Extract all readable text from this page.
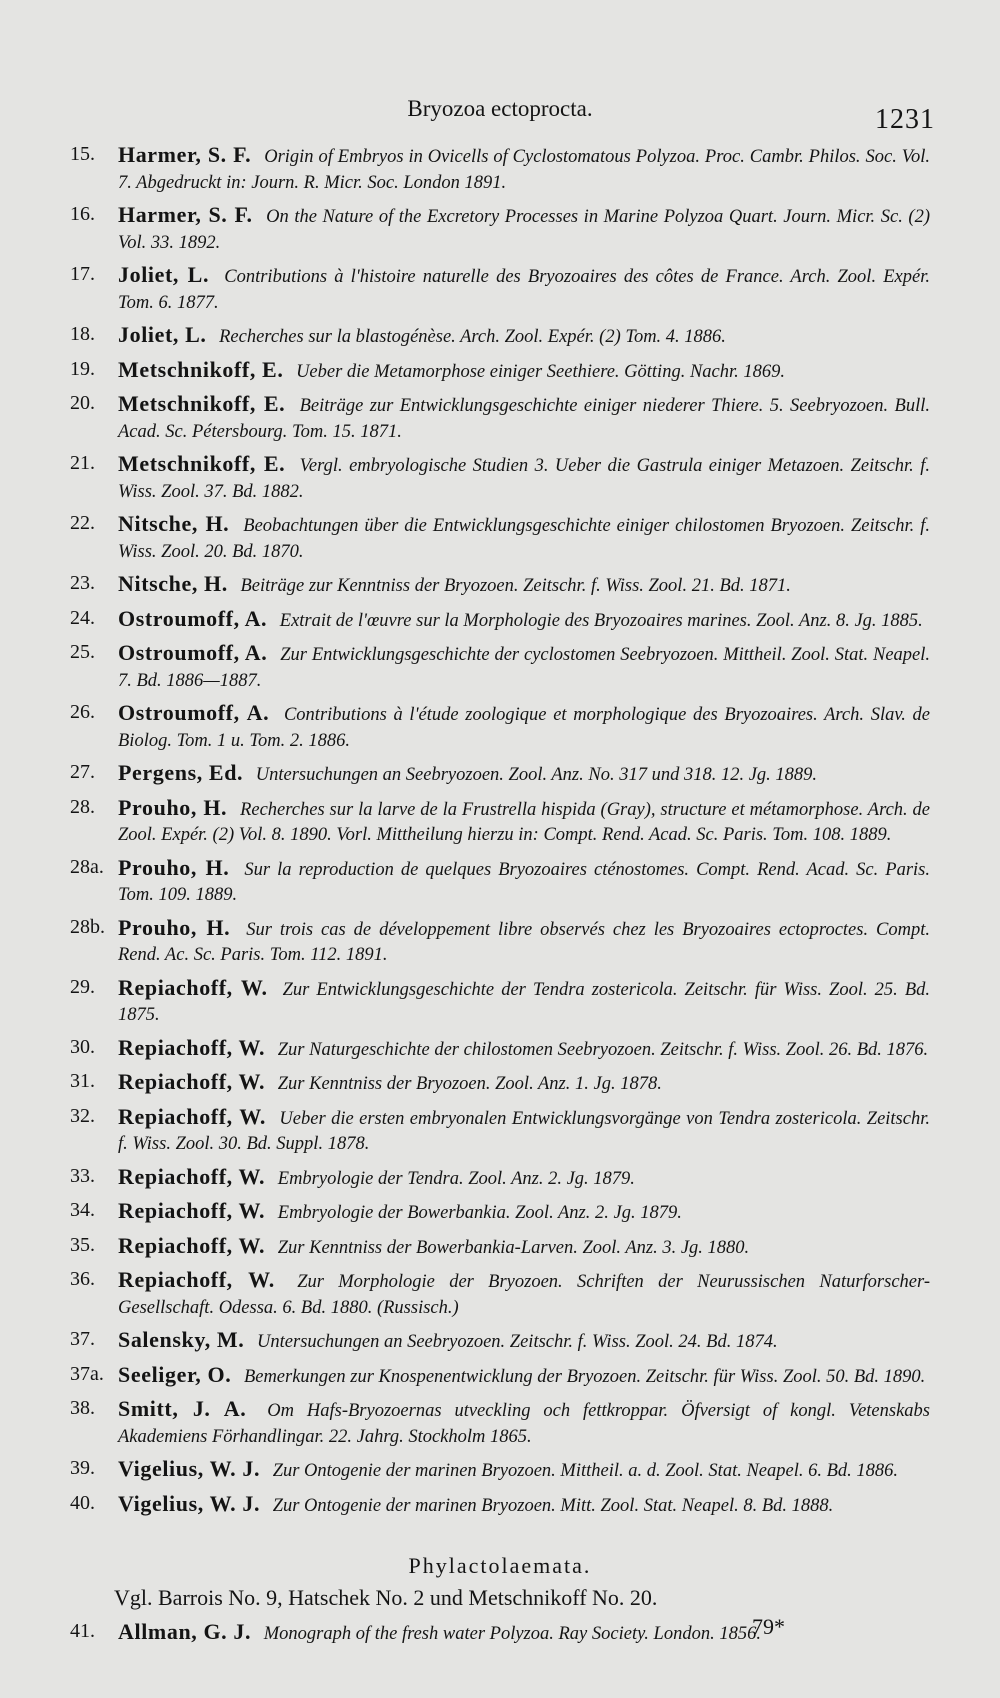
Bryozoa ectoprocta.	1231
15. Harmer, S. F. Origin of Embryos in Ovicells of Cyclostomatous Polyzoa. Proc. Cambr. Philos. Soc. Vol. 7. Abgedruckt in: Journ. R. Micr. Soc. London 1891.
16. Harmer, S. F. On the Nature of the Excretory Processes in Marine Polyzoa Quart. Journ. Micr. Sc. (2) Vol. 33. 1892.
17. Joliet, L. Contributions à l'histoire naturelle des Bryozoaires des côtes de France. Arch. Zool. Expér. Tom. 6. 1877.
18. Joliet, L. Recherches sur la blastogénèse. Arch. Zool. Expér. (2) Tom. 4. 1886.
19. Metschnikoff, E. Ueber die Metamorphose einiger Seethiere. Götting. Nachr. 1869.
20. Metschnikoff, E. Beiträge zur Entwicklungsgeschichte einiger niederer Thiere. 5. Seebryozoen. Bull. Acad. Sc. Pétersbourg. Tom. 15. 1871.
21. Metschnikoff, E. Vergl. embryologische Studien 3. Ueber die Gastrula einiger Metazoen. Zeitschr. f. Wiss. Zool. 37. Bd. 1882.
22. Nitsche, H. Beobachtungen über die Entwicklungsgeschichte einiger chilostomen Bryozoen. Zeitschr. f. Wiss. Zool. 20. Bd. 1870.
23. Nitsche, H. Beiträge zur Kenntniss der Bryozoen. Zeitschr. f. Wiss. Zool. 21. Bd. 1871.
24. Ostroumoff, A. Extrait de l'œuvre sur la Morphologie des Bryozoaires marines. Zool. Anz. 8. Jg. 1885.
25. Ostroumoff, A. Zur Entwicklungsgeschichte der cyclostomen Seebryozoen. Mittheil. Zool. Stat. Neapel. 7. Bd. 1886—1887.
26. Ostroumoff, A. Contributions à l'étude zoologique et morphologique des Bryozoaires. Arch. Slav. de Biolog. Tom. 1 u. Tom. 2. 1886.
27. Pergens, Ed. Untersuchungen an Seebryozoen. Zool. Anz. No. 317 und 318. 12. Jg. 1889.
28. Prouho, H. Recherches sur la larve de la Frustrella hispida (Gray), structure et métamorphose. Arch. de Zool. Expér. (2) Vol. 8. 1890. Vorl. Mittheilung hierzu in: Compt. Rend. Acad. Sc. Paris. Tom. 108. 1889.
28a. Prouho, H. Sur la reproduction de quelques Bryozoaires cténostomes. Compt. Rend. Acad. Sc. Paris. Tom. 109. 1889.
28b. Prouho, H. Sur trois cas de développement libre observés chez les Bryozoaires ectoproctes. Compt. Rend. Ac. Sc. Paris. Tom. 112. 1891.
29. Repiachoff, W. Zur Entwicklungsgeschichte der Tendra zostericola. Zeitschr. für Wiss. Zool. 25. Bd. 1875.
30. Repiachoff, W. Zur Naturgeschichte der chilostomen Seebryozoen. Zeitschr. f. Wiss. Zool. 26. Bd. 1876.
31. Repiachoff, W. Zur Kenntniss der Bryozoen. Zool. Anz. 1. Jg. 1878.
32. Repiachoff, W. Ueber die ersten embryonalen Entwicklungsvorgänge von Tendra zostericola. Zeitschr. f. Wiss. Zool. 30. Bd. Suppl. 1878.
33. Repiachoff, W. Embryologie der Tendra. Zool. Anz. 2. Jg. 1879.
34. Repiachoff, W. Embryologie der Bowerbankia. Zool. Anz. 2. Jg. 1879.
35. Repiachoff, W. Zur Kenntniss der Bowerbankia-Larven. Zool. Anz. 3. Jg. 1880.
36. Repiachoff, W. Zur Morphologie der Bryozoen. Schriften der Neurussischen Naturforscher-Gesellschaft. Odessa. 6. Bd. 1880. (Russisch.)
37. Salensky, M. Untersuchungen an Seebryozoen. Zeitschr. f. Wiss. Zool. 24. Bd. 1874.
37a. Seeliger, O. Bemerkungen zur Knospenentwicklung der Bryozoen. Zeitschr. für Wiss. Zool. 50. Bd. 1890.
38. Smitt, J. A. Om Hafs-Bryozoernas utveckling och fettkroppar. Öfversigt of kongl. Vetenskabs Akademiens Förhandlingar. 22. Jahrg. Stockholm 1865.
39. Vigelius, W. J. Zur Ontogenie der marinen Bryozoen. Mittheil. a. d. Zool. Stat. Neapel. 6. Bd. 1886.
40. Vigelius, W. J. Zur Ontogenie der marinen Bryozoen. Mitt. Zool. Stat. Neapel. 8. Bd. 1888.
Phylactolaemata.
Vgl. Barrois No. 9, Hatschek No. 2 und Metschnikoff No. 20.
41. Allman, G. J. Monograph of the fresh water Polyzoa. Ray Society. London. 1856.
79*
